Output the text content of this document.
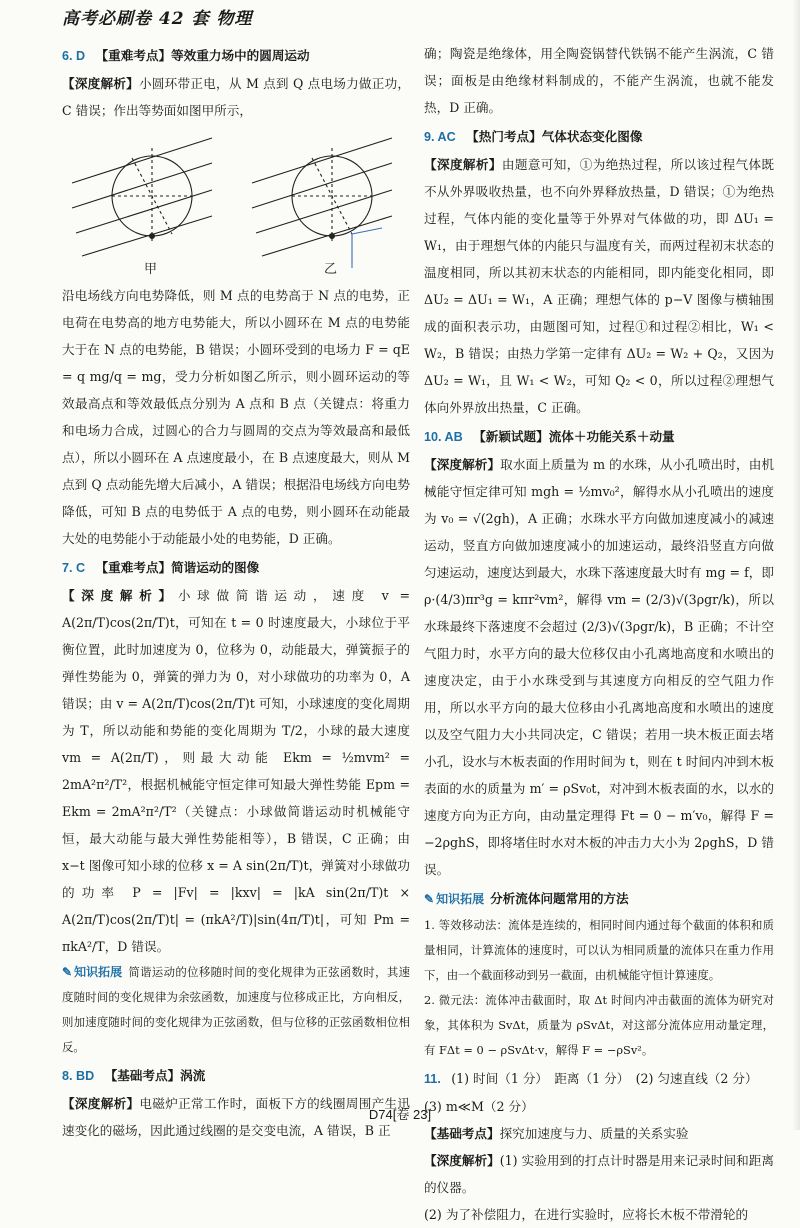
高考必刷卷 42 套 物理
6. D 【重难考点】等效重力场中的圆周运动

【深度解析】小圆环带正电，从 M 点到 Q 点电场力做正功，C 错误；作出等势面如图甲所示，

甲	乙

沿电场线方向电势降低，则 M 点的电势高于 N 点的电势，正电荷在电势高的地方电势能大，所以小圆环在 M 点的电势能大于在 N 点的电势能，B 错误；小圆环受到的电场力 F = qE = q mg/q = mg，受力分析如图乙所示，则小圆环运动的等效最高点和等效最低点分别为 A 点和 B 点（关键点：将重力和电场力合成，过圆心的合力与圆周的交点为等效最高和最低点），所以小圆环在 A 点速度最小，在 B 点速度最大，则从 M 点到 Q 点动能先增大后减小，A 错误；根据沿电场线方向电势降低，可知 B 点的电势低于 A 点的电势，则小圆环在动能最大处的电势能小于动能最小处的电势能，D 正确。

7. C 【重难考点】简谐运动的图像

【深度解析】小球做简谐运动，速度 v = A(2π/T)cos(2π/T)t，可知在 t = 0 时速度最大，小球位于平衡位置，此时加速度为 0，位移为 0，动能最大，弹簧振子的弹性势能为 0，弹簧的弹力为 0，对小球做功的功率为 0，A 错误；由 v = A(2π/T)cos(2π/T)t 可知，小球速度的变化周期为 T，所以动能和势能的变化周期为 T/2，小球的最大速度 vm = A(2π/T)，则最大动能 Ekm = ½mvm² = 2mA²π²/T²，根据机械能守恒定律可知最大弹性势能 Epm = Ekm = 2mA²π²/T²（关键点：小球做简谐运动时机械能守恒，最大动能与最大弹性势能相等），B 错误，C 正确；由 x−t 图像可知小球的位移 x = A sin(2π/T)t，弹簧对小球做功的功率 P = |Fv| = |kxv| = |kA sin(2π/T)t × A(2π/T)cos(2π/T)t| = (πkA²/T)|sin(4π/T)t|，可知 Pm = πkA²/T，D 错误。

✎ 知识拓展 简谐运动的位移随时间的变化规律为正弦函数时，其速度随时间的变化规律为余弦函数，加速度与位移成正比，方向相反，则加速度随时间的变化规律为正弦函数，但与位移的正弦函数相位相反。

8. BD 【基础考点】涡流

【深度解析】电磁炉正常工作时，面板下方的线圈周围产生迅速变化的磁场，因此通过线圈的是交变电流，A 错误，B 正

确；陶瓷是绝缘体，用全陶瓷锅替代铁锅不能产生涡流，C 错误；面板是由绝缘材料制成的，不能产生涡流，也就不能发热，D 正确。

9. AC 【热门考点】气体状态变化图像

【深度解析】由题意可知，①为绝热过程，所以该过程气体既不从外界吸收热量，也不向外界释放热量，D 错误；①为绝热过程，气体内能的变化量等于外界对气体做的功，即 ΔU₁ = W₁，由于理想气体的内能只与温度有关，而两过程初末状态的温度相同，所以其初末状态的内能相同，即内能变化相同，即 ΔU₂ = ΔU₁ = W₁，A 正确；理想气体的 p−V 图像与横轴围成的面积表示功，由题图可知，过程①和过程②相比，W₁ < W₂，B 错误；由热力学第一定律有 ΔU₂ = W₂ + Q₂，又因为 ΔU₂ = W₁，且 W₁ < W₂，可知 Q₂ < 0，所以过程②理想气体向外界放出热量，C 正确。

10. AB 【新颖试题】流体＋功能关系＋动量

【深度解析】取水面上质量为 m 的水珠，从小孔喷出时，由机械能守恒定律可知 mgh = ½mv₀²，解得水从小孔喷出的速度为 v₀ = √(2gh)，A 正确；水珠水平方向做加速度减小的减速运动，竖直方向做加速度减小的加速运动，最终沿竖直方向做匀速运动，速度达到最大，水珠下落速度最大时有 mg = f，即 ρ·(4/3)πr³g = kπr²vm²，解得 vm = (2/3)√(3ρgr/k)，所以水珠最终下落速度不会超过 (2/3)√(3ρgr/k)，B 正确；不计空气阻力时，水平方向的最大位移仅由小孔离地高度和水喷出的速度决定，由于小水珠受到与其速度方向相反的空气阻力作用，所以水平方向的最大位移由小孔离地高度和水喷出的速度以及空气阻力大小共同决定，C 错误；若用一块木板正面去堵小孔，设水与木板表面的作用时间为 t，则在 t 时间内冲到木板表面的水的质量为 m′ = ρSv₀t，对冲到木板表面的水，以水的速度方向为正方向，由动量定理得 Ft = 0 − m′v₀，解得 F = −2ρghS，即将堵住时水对木板的冲击力大小为 2ρghS，D 错误。

✎ 知识拓展 分析流体问题常用的方法

1. 等效移动法：流体是连续的，相同时间内通过每个截面的体积和质量相同，计算流体的速度时，可以认为相同质量的流体只在重力作用下，由一个截面移动到另一截面，由机械能守恒计算速度。

2. 微元法：流体冲击截面时，取 Δt 时间内冲击截面的流体为研究对象，其体积为 SvΔt，质量为 ρSvΔt，对这部分流体应用动量定理，有 FΔt = 0 − ρSvΔt·v，解得 F = −ρSv²。

11. (1) 时间（1 分）　距离（1 分）　(2) 匀速直线（2 分）

(3) m≪M（2 分）

【基础考点】探究加速度与力、质量的关系实验

【深度解析】(1) 实验用到的打点计时器是用来记录时间和距离的仪器。

(2) 为了补偿阻力，在进行实验时，应将长木板不带滑轮的

D74[卷 23]
